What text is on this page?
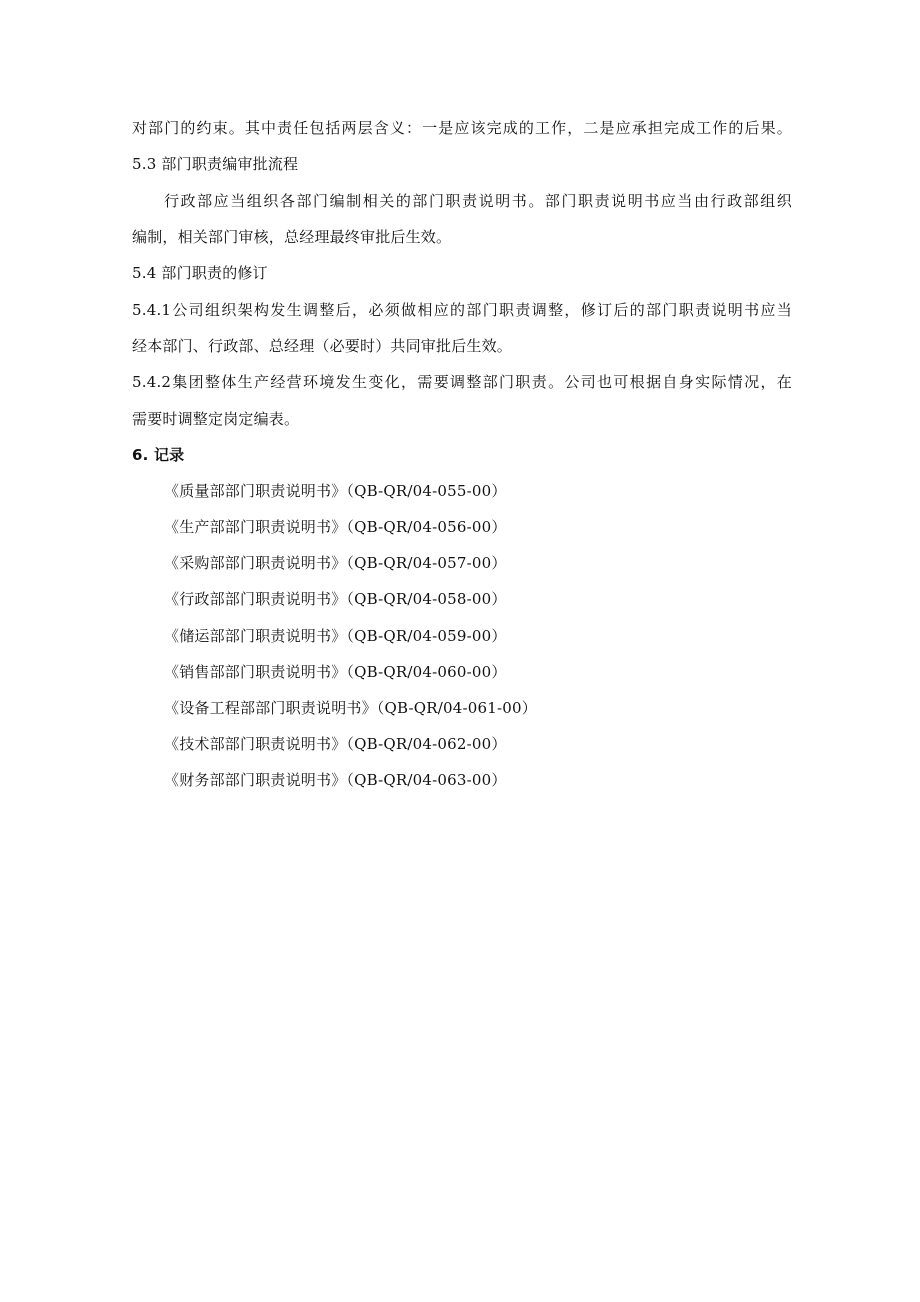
对部门的约束。其中责任包括两层含义：一是应该完成的工作，二是应承担完成工作的后果。
5.3 部门职责编审批流程
行政部应当组织各部门编制相关的部门职责说明书。部门职责说明书应当由行政部组织
编制，相关部门审核，总经理最终审批后生效。
5.4 部门职责的修订
5.4.1公司组织架构发生调整后，必须做相应的部门职责调整，修订后的部门职责说明书应当
经本部门、行政部、总经理（必要时）共同审批后生效。
5.4.2集团整体生产经营环境发生变化，需要调整部门职责。公司也可根据自身实际情况，在
需要时调整定岗定编表。
6. 记录
《质量部部门职责说明书》（QB-QR/04-055-00）
《生产部部门职责说明书》（QB-QR/04-056-00）
《采购部部门职责说明书》（QB-QR/04-057-00）
《行政部部门职责说明书》（QB-QR/04-058-00）
《储运部部门职责说明书》（QB-QR/04-059-00）
《销售部部门职责说明书》（QB-QR/04-060-00）
《设备工程部部门职责说明书》（QB-QR/04-061-00）
《技术部部门职责说明书》（QB-QR/04-062-00）
《财务部部门职责说明书》（QB-QR/04-063-00）
